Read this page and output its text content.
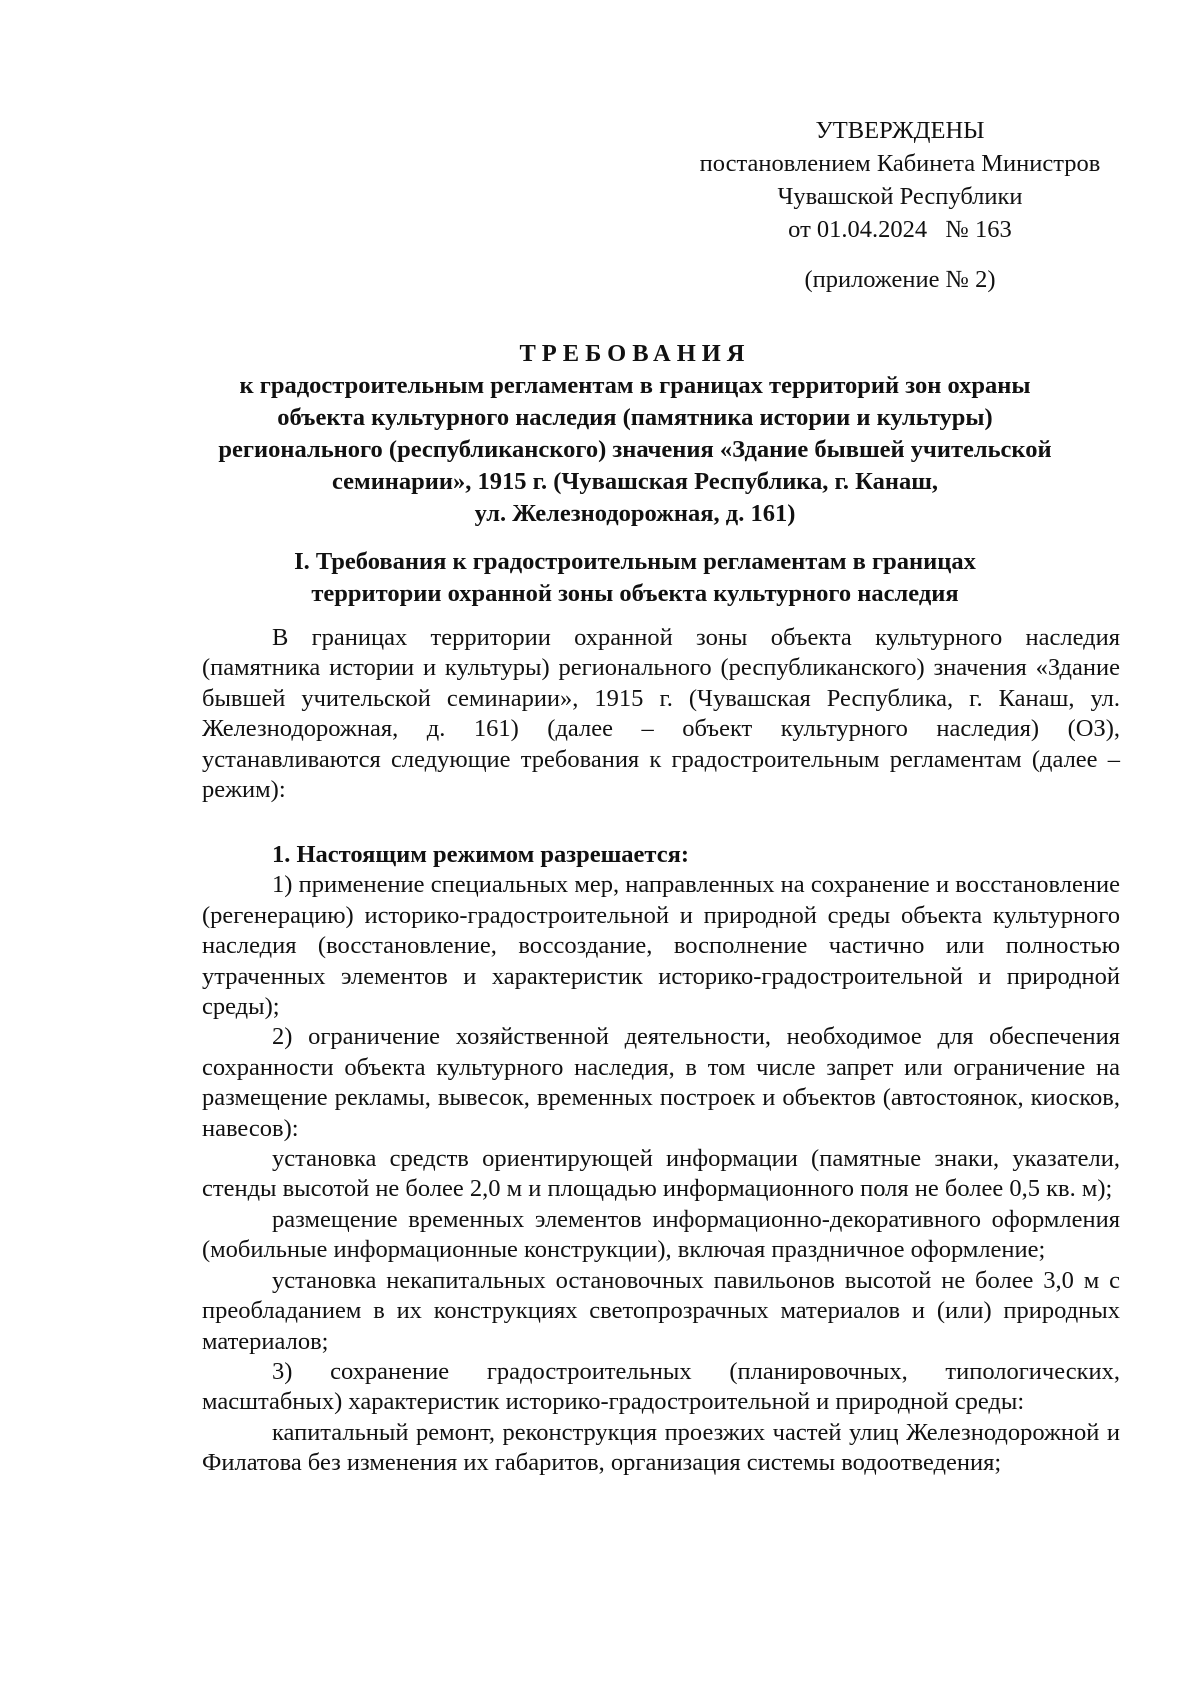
УТВЕРЖДЕНЫ
постановлением Кабинета Министров
Чувашской Республики
от 01.04.2024   № 163
(приложение № 2)
ТРЕБОВАНИЯ
к градостроительным регламентам в границах территорий зон охраны
объекта культурного наследия (памятника истории и культуры)
регионального (республиканского) значения «Здание бывшей учительской
семинарии», 1915 г. (Чувашская Республика, г. Канаш,
ул. Железнодорожная, д. 161)
I. Требования к градостроительным регламентам в границах
территории охранной зоны объекта культурного наследия

В границах территории охранной зоны объекта культурного наследия (памятника истории и культуры) регионального (республиканского) значения «Здание бывшей учительской семинарии», 1915 г. (Чувашская Республика, г. Канаш, ул. Железнодорожная, д. 161) (далее – объект культурного наследия) (ОЗ), устанавливаются следующие требования к градостроительным регламентам (далее – режим):

1. Настоящим режимом разрешается:

1) применение специальных мер, направленных на сохранение и восстановление (регенерацию) историко-градостроительной и природной среды объекта культурного наследия (восстановление, воссоздание, восполнение частично или полностью утраченных элементов и характеристик историко-градостроительной и природной среды);

2) ограничение хозяйственной деятельности, необходимое для обеспечения сохранности объекта культурного наследия, в том числе запрет или ограничение на размещение рекламы, вывесок, временных построек и объектов (автостоянок, киосков, навесов):

установка средств ориентирующей информации (памятные знаки, указатели, стенды высотой не более 2,0 м и площадью информационного поля не более 0,5 кв. м);

размещение временных элементов информационно-декоративного оформления (мобильные информационные конструкции), включая праздничное оформление;

установка некапитальных остановочных павильонов высотой не более 3,0 м с преобладанием в их конструкциях светопрозрачных материалов и (или) природных материалов;

3) сохранение градостроительных (планировочных, типологических, масштабных) характеристик историко-градостроительной и природной среды:

капитальный ремонт, реконструкция проезжих частей улиц Железнодорожной и Филатова без изменения их габаритов, организация системы водоотведения;
